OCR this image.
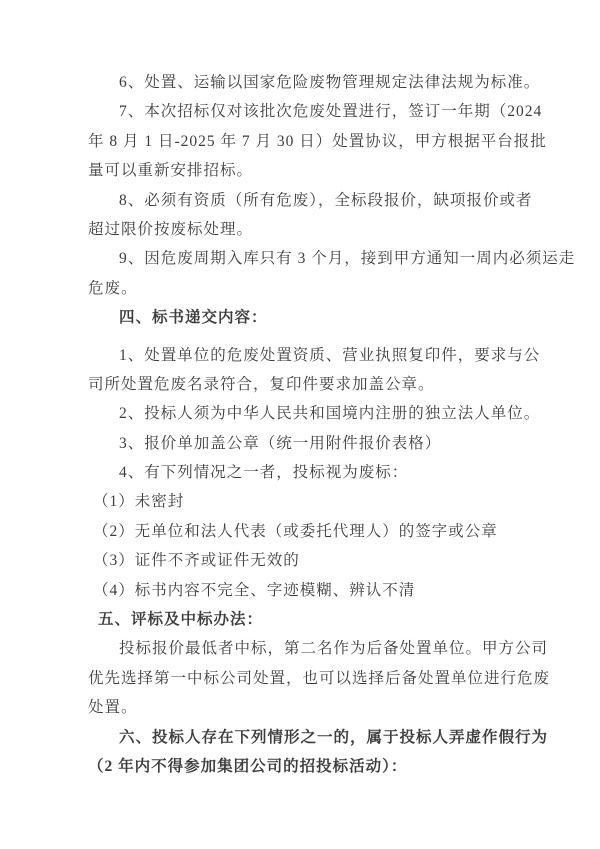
6、处置、运输以国家危险废物管理规定法律法规为标准。
7、本次招标仅对该批次危废处置进行，签订一年期（2024
年 8 月 1 日-2025 年 7 月 30 日）处置协议，甲方根据平台报批
量可以重新安排招标。
8、必须有资质（所有危废），全标段报价，缺项报价或者
超过限价按废标处理。
9、因危废周期入库只有 3 个月，接到甲方通知一周内必须运走
危废。
四、标书递交内容：
1、处置单位的危废处置资质、营业执照复印件，要求与公
司所处置危废名录符合，复印件要求加盖公章。
2、投标人须为中华人民共和国境内注册的独立法人单位。
3、报价单加盖公章（统一用附件报价表格）
4、有下列情况之一者，投标视为废标：
（1）未密封
（2）无单位和法人代表（或委托代理人）的签字或公章
（3）证件不齐或证件无效的
（4）标书内容不完全、字迹模糊、辨认不清
五、评标及中标办法：
投标报价最低者中标，第二名作为后备处置单位。甲方公司
优先选择第一中标公司处置，也可以选择后备处置单位进行危废
处置。
六、投标人存在下列情形之一的，属于投标人弄虚作假行为
（2 年内不得参加集团公司的招投标活动）：
